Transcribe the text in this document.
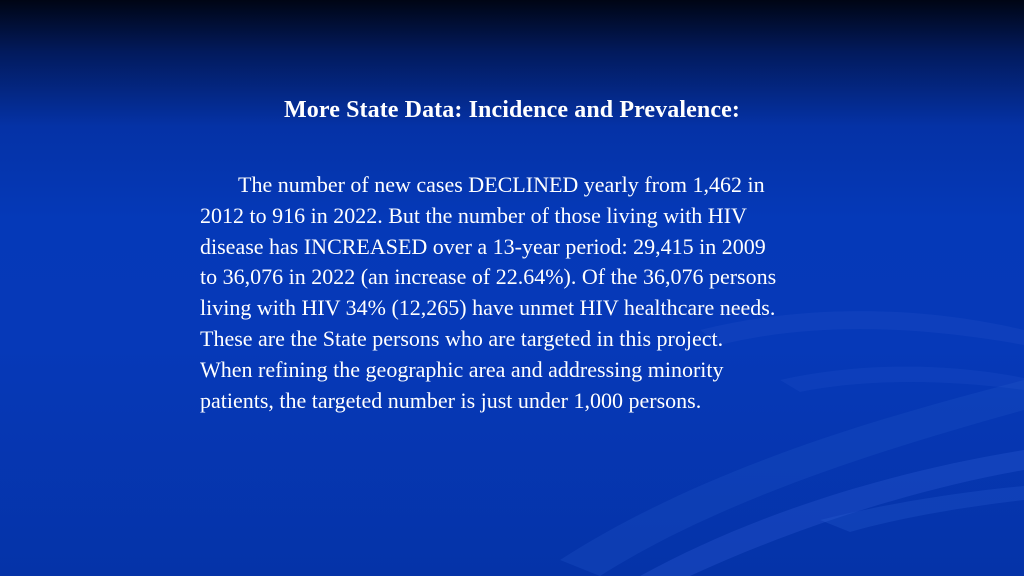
More State Data: Incidence and Prevalence:

The number of new cases DECLINED yearly from 1,462 in 2012 to 916 in 2022. But the number of those living with HIV disease has INCREASED over a 13-year period: 29,415 in 2009 to 36,076 in 2022 (an increase of 22.64%). Of the 36,076 persons living with HIV 34% (12,265) have unmet HIV healthcare needs. These are the State persons who are targeted in this project. When refining the geographic area and addressing minority patients, the targeted number is just under 1,000 persons.
